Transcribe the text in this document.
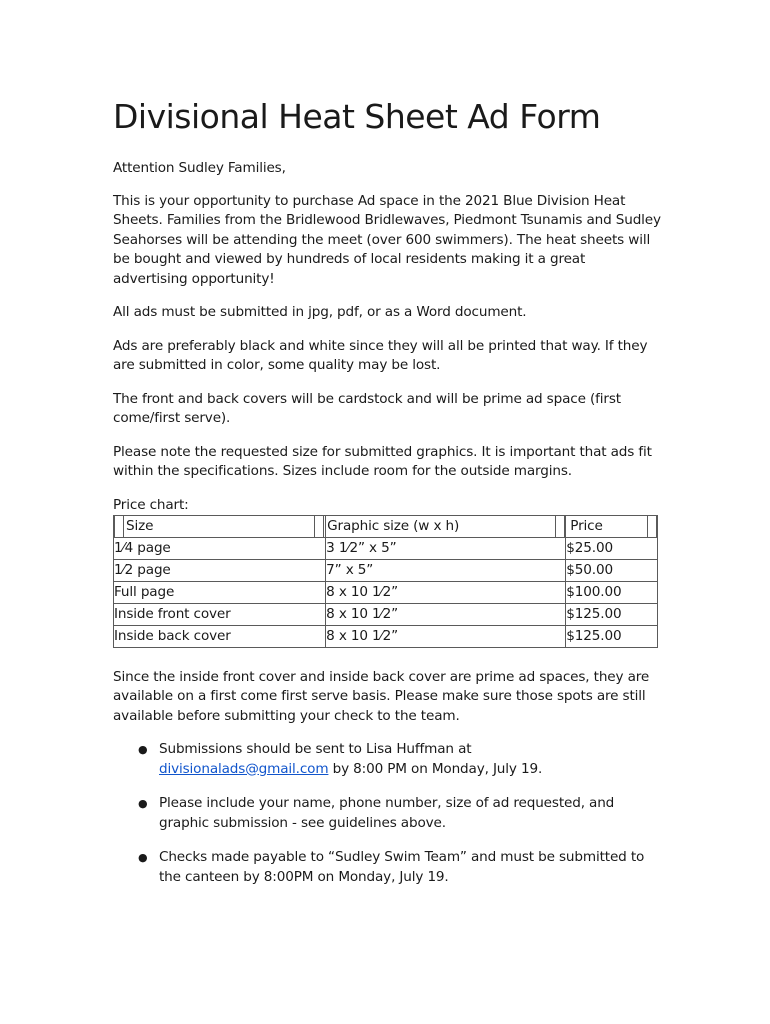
Divisional Heat Sheet Ad Form

Attention Sudley Families,

This is your opportunity to purchase Ad space in the 2021 Blue Division Heat Sheets. Families from the Bridlewood Bridlewaves, Piedmont Tsunamis and Sudley Seahorses will be attending the meet (over 600 swimmers). The heat sheets will be bought and viewed by hundreds of local residents making it a great advertising opportunity!

All ads must be submitted in jpg, pdf, or as a Word document.

Ads are preferably black and white since they will all be printed that way. If they are submitted in color, some quality may be lost.

The front and back covers will be cardstock and will be prime ad space (first come/first serve).

Please note the requested size for submitted graphics. It is important that ads fit within the specifications. Sizes include room for the outside margins.

Price chart:

Size	Graphic size (w x h)	Price

1⁄4 page	3 1⁄2” x 5”	$25.00
1⁄2 page	7” x 5”	$50.00
Full page	8 x 10 1⁄2”	$100.00
Inside front cover	8 x 10 1⁄2”	$125.00
Inside back cover	8 x 10 1⁄2”	$125.00

Since the inside front cover and inside back cover are prime ad spaces, they are available on a first come first serve basis. Please make sure those spots are still available before submitting your check to the team.

● Submissions should be sent to Lisa Huffman at
divisionalads@gmail.com by 8:00 PM on Monday, July 19.
● Please include your name, phone number, size of ad requested, and graphic submission - see guidelines above.
● Checks made payable to “Sudley Swim Team” and must be submitted to the canteen by 8:00PM on Monday, July 19.
